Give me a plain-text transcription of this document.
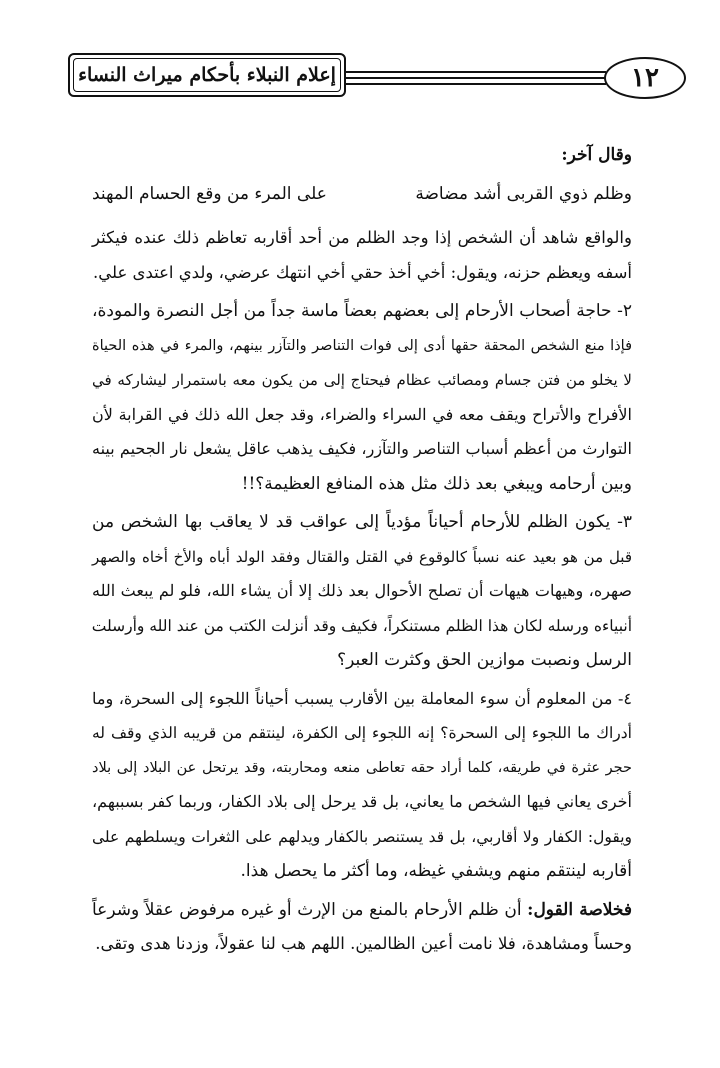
١٢
إعلام النبلاء بأحكام ميراث النساء
وقال آخر:
وظلم ذوي القربى أشد مضاضة
على المرء من وقع الحسام المهند
والواقع شاهد أن الشخص إذا وجد الظلم من أحد أقاربه تعاظم ذلك عنده فيكثر
أسفه ويعظم حزنه، ويقول: أخي أخذ حقي أخي انتهك عرضي، ولدي اعتدى علي.
٢- حاجة أصحاب الأرحام إلى بعضهم بعضاً ماسة جداً من أجل النصرة والمودة،
فإذا منع الشخص المحقة حقها أدى إلى فوات التناصر والتآزر بينهم، والمرء في هذه الحياة
لا يخلو من فتن جسام ومصائب عظام فيحتاج إلى من يكون معه باستمرار ليشاركه في
الأفراح والأتراح ويقف معه في السراء والضراء، وقد جعل الله ذلك في القرابة لأن
التوارث من أعظم أسباب التناصر والتآزر، فكيف يذهب عاقل يشعل نار الجحيم بينه
وبين أرحامه ويبغي بعد ذلك مثل هذه المنافع العظيمة؟!!
٣- يكون الظلم للأرحام أحياناً مؤدياً إلى عواقب قد لا يعاقب بها الشخص من
قبل من هو بعيد عنه نسباً كالوقوع في القتل والقتال وفقد الولد أباه والأخ أخاه والصهر
صهره، وهيهات هيهات أن تصلح الأحوال بعد ذلك إلا أن يشاء الله، فلو لم يبعث الله
أنبياءه ورسله لكان هذا الظلم مستنكراً، فكيف وقد أنزلت الكتب من عند الله وأرسلت
الرسل ونصبت موازين الحق وكثرت العبر؟
٤- من المعلوم أن سوء المعاملة بين الأقارب يسبب أحياناً اللجوء إلى السحرة، وما
أدراك ما اللجوء إلى السحرة؟ إنه اللجوء إلى الكفرة، لينتقم من قريبه الذي وقف له
حجر عثرة في طريقه، كلما أراد حقه تعاطى منعه ومحاربته، وقد يرتحل عن البلاد إلى بلاد
أخرى يعاني فيها الشخص ما يعاني، بل قد يرحل إلى بلاد الكفار، وربما كفر بسببهم،
ويقول: الكفار ولا أقاربي، بل قد يستنصر بالكفار ويدلهم على الثغرات ويسلطهم على
أقاربه لينتقم منهم ويشفي غيظه، وما أكثر ما يحصل هذا.
فخلاصة القول: أن ظلم الأرحام بالمنع من الإرث أو غيره مرفوض عقلاً وشرعاً
وحساً ومشاهدة، فلا نامت أعين الظالمين. اللهم هب لنا عقولاً، وزدنا هدى وتقى.
